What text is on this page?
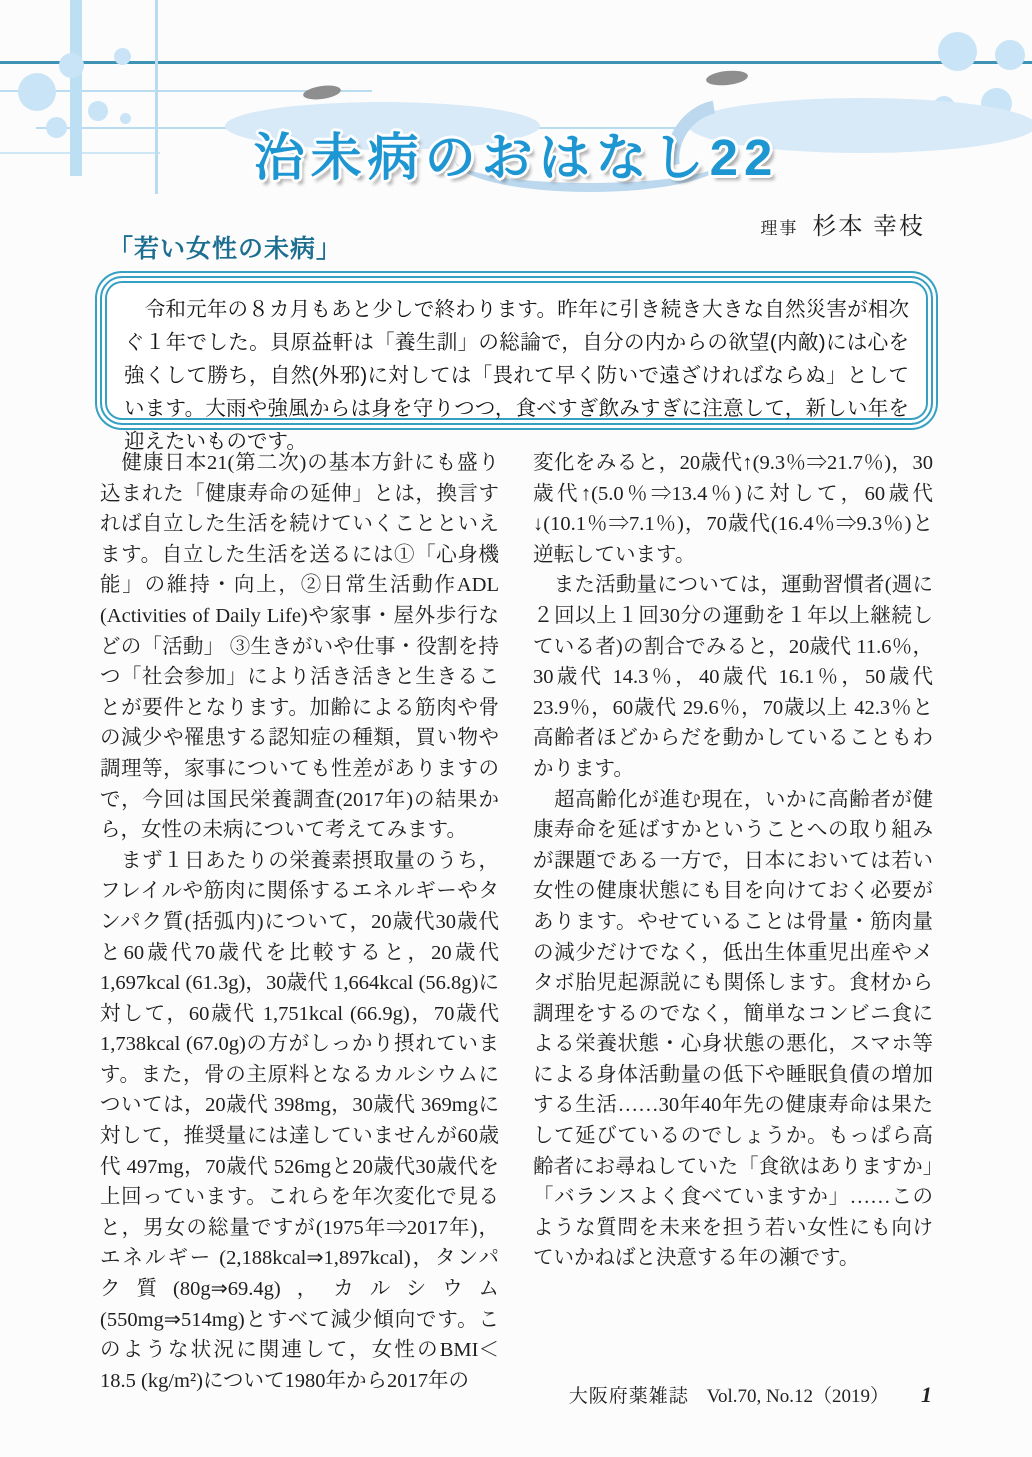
治未病のおはなし22
理事 杉本 幸枝
「若い女性の未病」

　令和元年の８カ月もあと少しで終わります。昨年に引き続き大きな自然災害が相次ぐ１年でした。貝原益軒は「養生訓」の総論で，自分の内からの欲望(内敵)には心を強くして勝ち，自然(外邪)に対しては「畏れて早く防いで遠ざければならぬ」としています。大雨や強風からは身を守りつつ，食べすぎ飲みすぎに注意して，新しい年を迎えたいものです。

　健康日本21(第二次)の基本方針にも盛り込まれた「健康寿命の延伸」とは，換言すれば自立した生活を続けていくことといえます。自立した生活を送るには①「心身機能」の維持・向上，②日常生活動作ADL (Activities of Daily Life)や家事・屋外歩行などの「活動」 ③生きがいや仕事・役割を持つ「社会参加」により活き活きと生きることが要件となります。加齢による筋肉や骨の減少や罹患する認知症の種類，買い物や調理等，家事についても性差がありますので，今回は国民栄養調査(2017年)の結果から，女性の未病について考えてみます。

　まず１日あたりの栄養素摂取量のうち，フレイルや筋肉に関係するエネルギーやタンパク質(括弧内)について，20歳代30歳代と60歳代70歳代を比較すると，20歳代 1,697kcal (61.3g)，30歳代 1,664kcal (56.8g)に対して，60歳代 1,751kcal (66.9g)，70歳代 1,738kcal (67.0g)の方がしっかり摂れています。また，骨の主原料となるカルシウムについては，20歳代 398mg，30歳代 369mgに対して，推奨量には達していませんが60歳代 497mg，70歳代 526mgと20歳代30歳代を上回っています。これらを年次変化で見ると，男女の総量ですが(1975年⇒2017年)，エネルギー (2,188kcal⇒1,897kcal)，タンパク質(80g⇒69.4g)，カルシウム(550mg⇒514mg)とすべて減少傾向です。このような状況に関連して，女性のBMI＜18.5 (kg/m²)について1980年から2017年の

変化をみると，20歳代↑(9.3％⇒21.7％)，30歳代↑(5.0％⇒13.4％)に対して，60歳代↓(10.1％⇒7.1％)，70歳代(16.4％⇒9.3％)と逆転しています。

　また活動量については，運動習慣者(週に２回以上１回30分の運動を１年以上継続している者)の割合でみると，20歳代 11.6％，30歳代 14.3％，40歳代 16.1％，50歳代 23.9％，60歳代 29.6％，70歳以上 42.3％と高齢者ほどからだを動かしていることもわかります。

　超高齢化が進む現在，いかに高齢者が健康寿命を延ばすかということへの取り組みが課題である一方で，日本においては若い女性の健康状態にも目を向けておく必要があります。やせていることは骨量・筋肉量の減少だけでなく，低出生体重児出産やメタボ胎児起源説にも関係します。食材から調理をするのでなく，簡単なコンビニ食による栄養状態・心身状態の悪化，スマホ等による身体活動量の低下や睡眠負債の増加する生活……30年40年先の健康寿命は果たして延びているのでしょうか。もっぱら高齢者にお尋ねしていた「食欲はありますか」「バランスよく食べていますか」……このような質問を未来を担う若い女性にも向けていかねばと決意する年の瀬です。

大阪府薬雑誌 Vol.70, No.12（2019） 1
